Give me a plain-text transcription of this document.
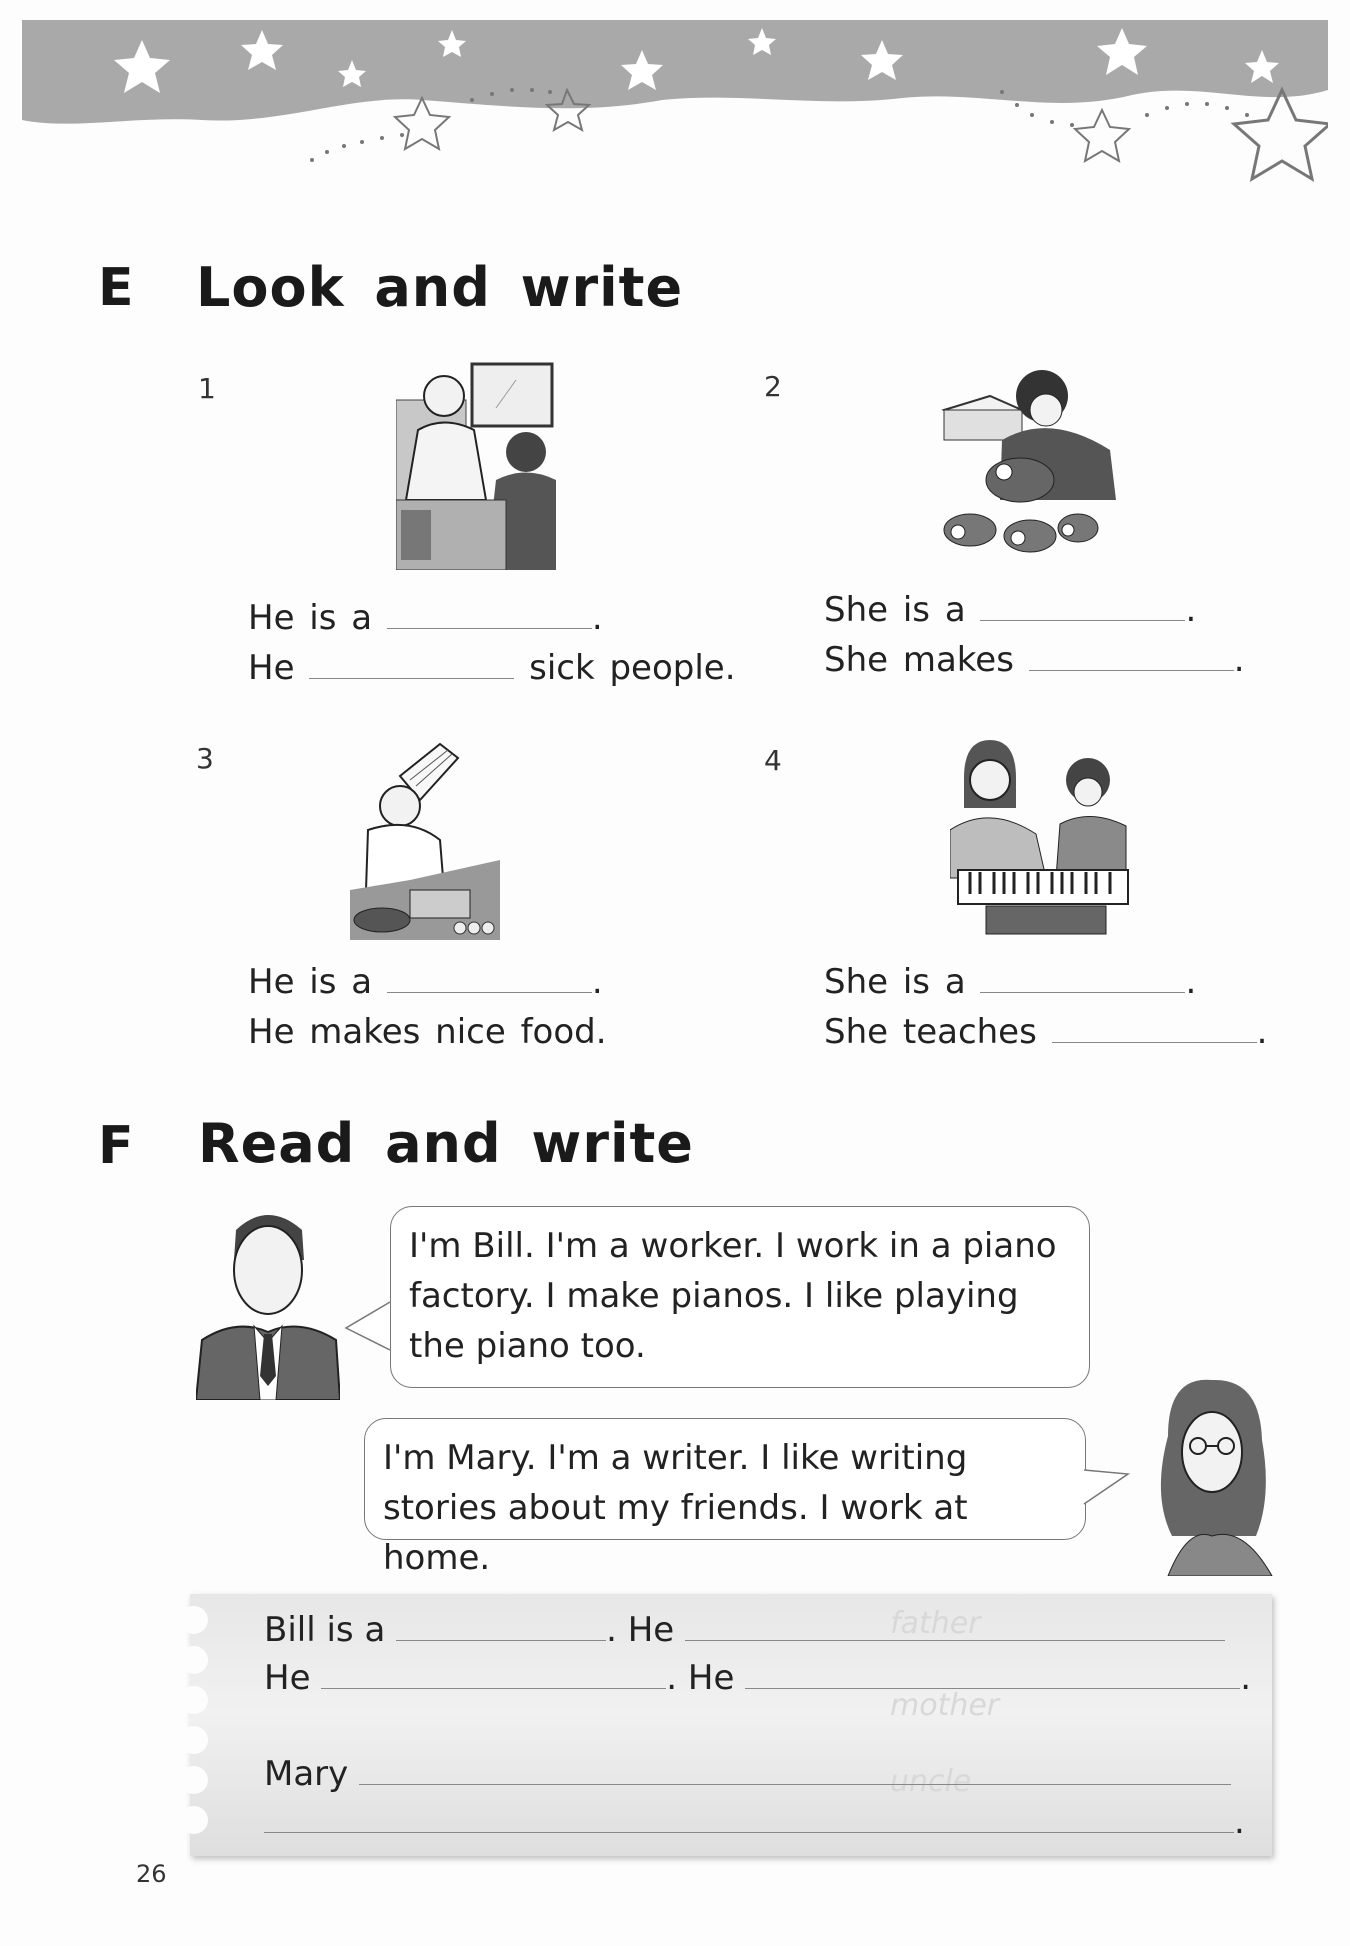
E Look and write
1
He is a	.
He	sick people.
2
She is a	.
She makes	.
3
He is a	.
He makes nice food.
4
She is a	.
She teaches	.
F Read and write
I'm Bill. I'm a worker. I work in a piano factory. I make pianos. I like playing the piano too.
I'm Mary. I'm a writer. I like writing stories about my friends. I work at home.
father
mother
uncle
Bill is a	. He
He	. He	.
Mary
.
26
